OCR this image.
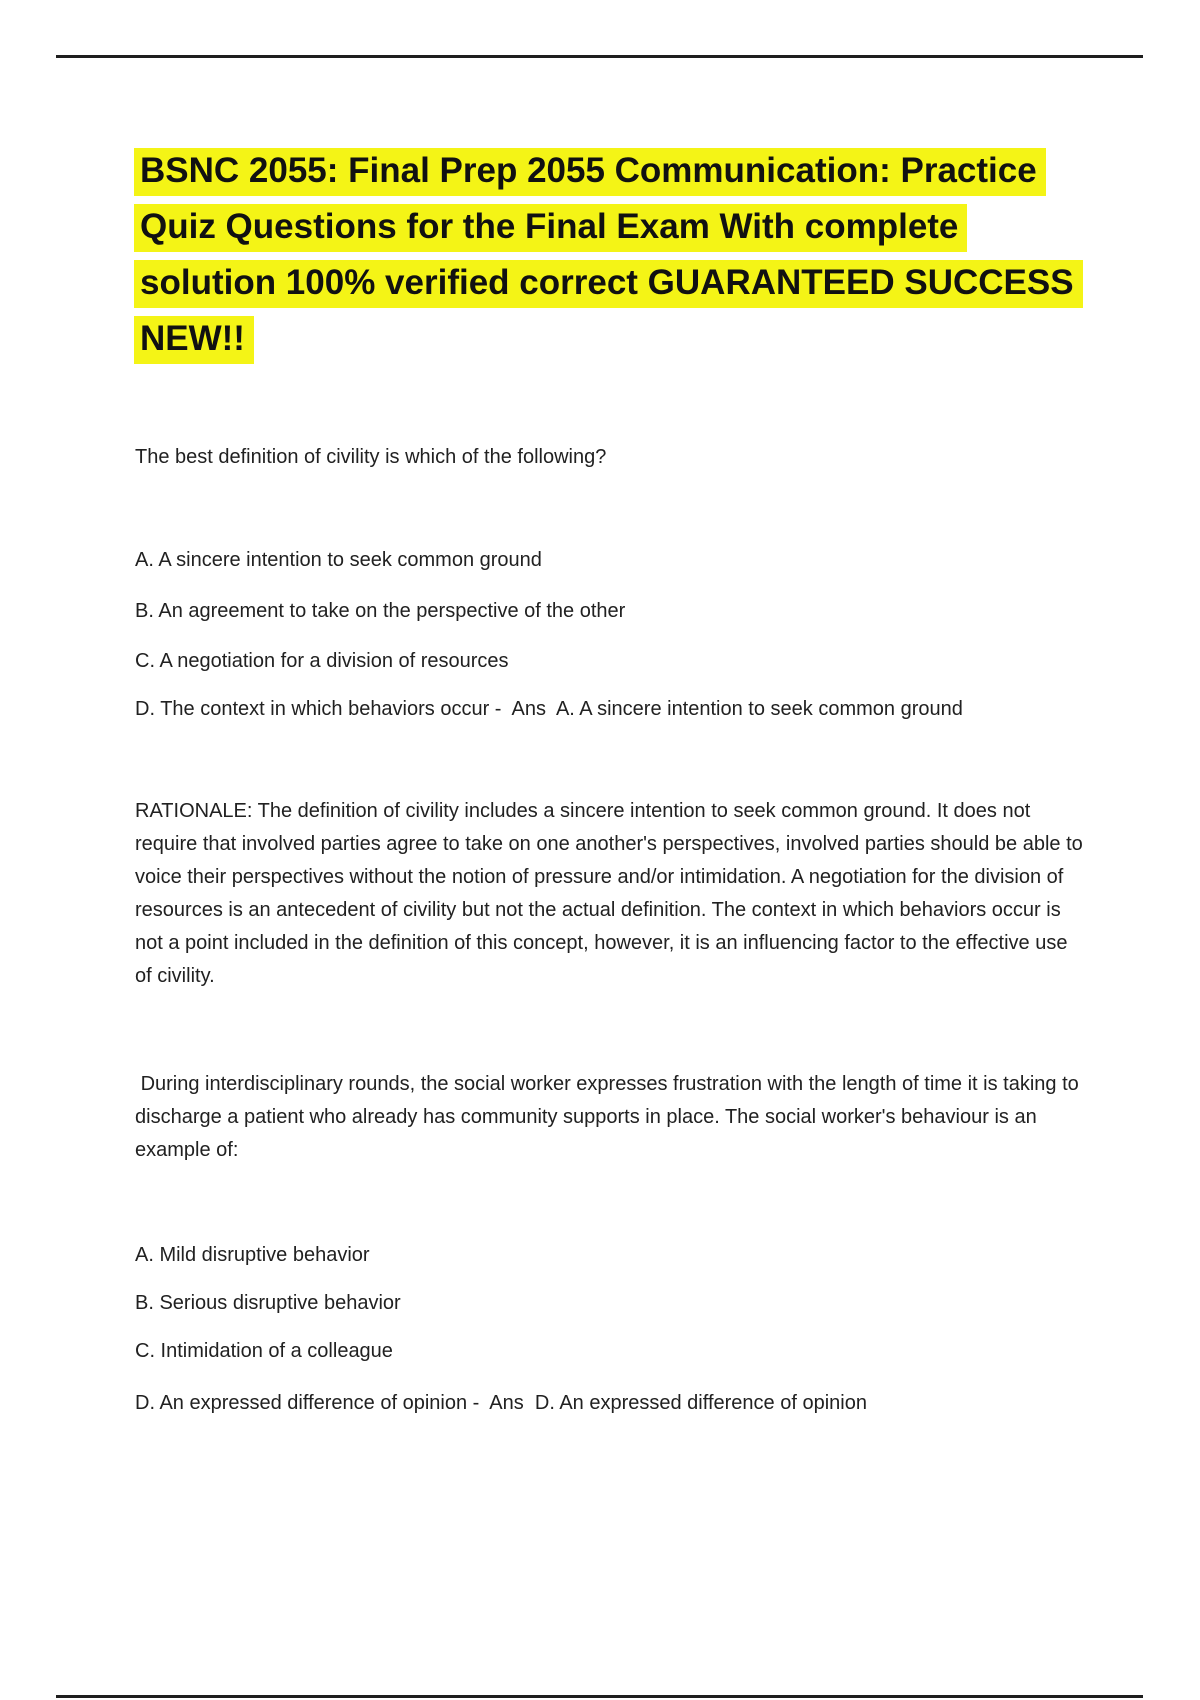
BSNC 2055: Final Prep 2055 Communication: Practice
Quiz Questions for the Final Exam With complete
solution 100% verified correct GUARANTEED SUCCESS
NEW!!

The best definition of civility is which of the following?

A. A sincere intention to seek common ground

B. An agreement to take on the perspective of the other

C. A negotiation for a division of resources

D. The context in which behaviors occur -  Ans  A. A sincere intention to seek common ground

RATIONALE: The definition of civility includes a sincere intention to seek common ground. It does not require that involved parties agree to take on one another's perspectives, involved parties should be able to voice their perspectives without the notion of pressure and/or intimidation. A negotiation for the division of resources is an antecedent of civility but not the actual definition. The context in which behaviors occur is not a point included in the definition of this concept, however, it is an influencing factor to the effective use of civility.

During interdisciplinary rounds, the social worker expresses frustration with the length of time it is taking to discharge a patient who already has community supports in place. The social worker's behaviour is an example of:

A. Mild disruptive behavior

B. Serious disruptive behavior

C. Intimidation of a colleague

D. An expressed difference of opinion -  Ans  D. An expressed difference of opinion
